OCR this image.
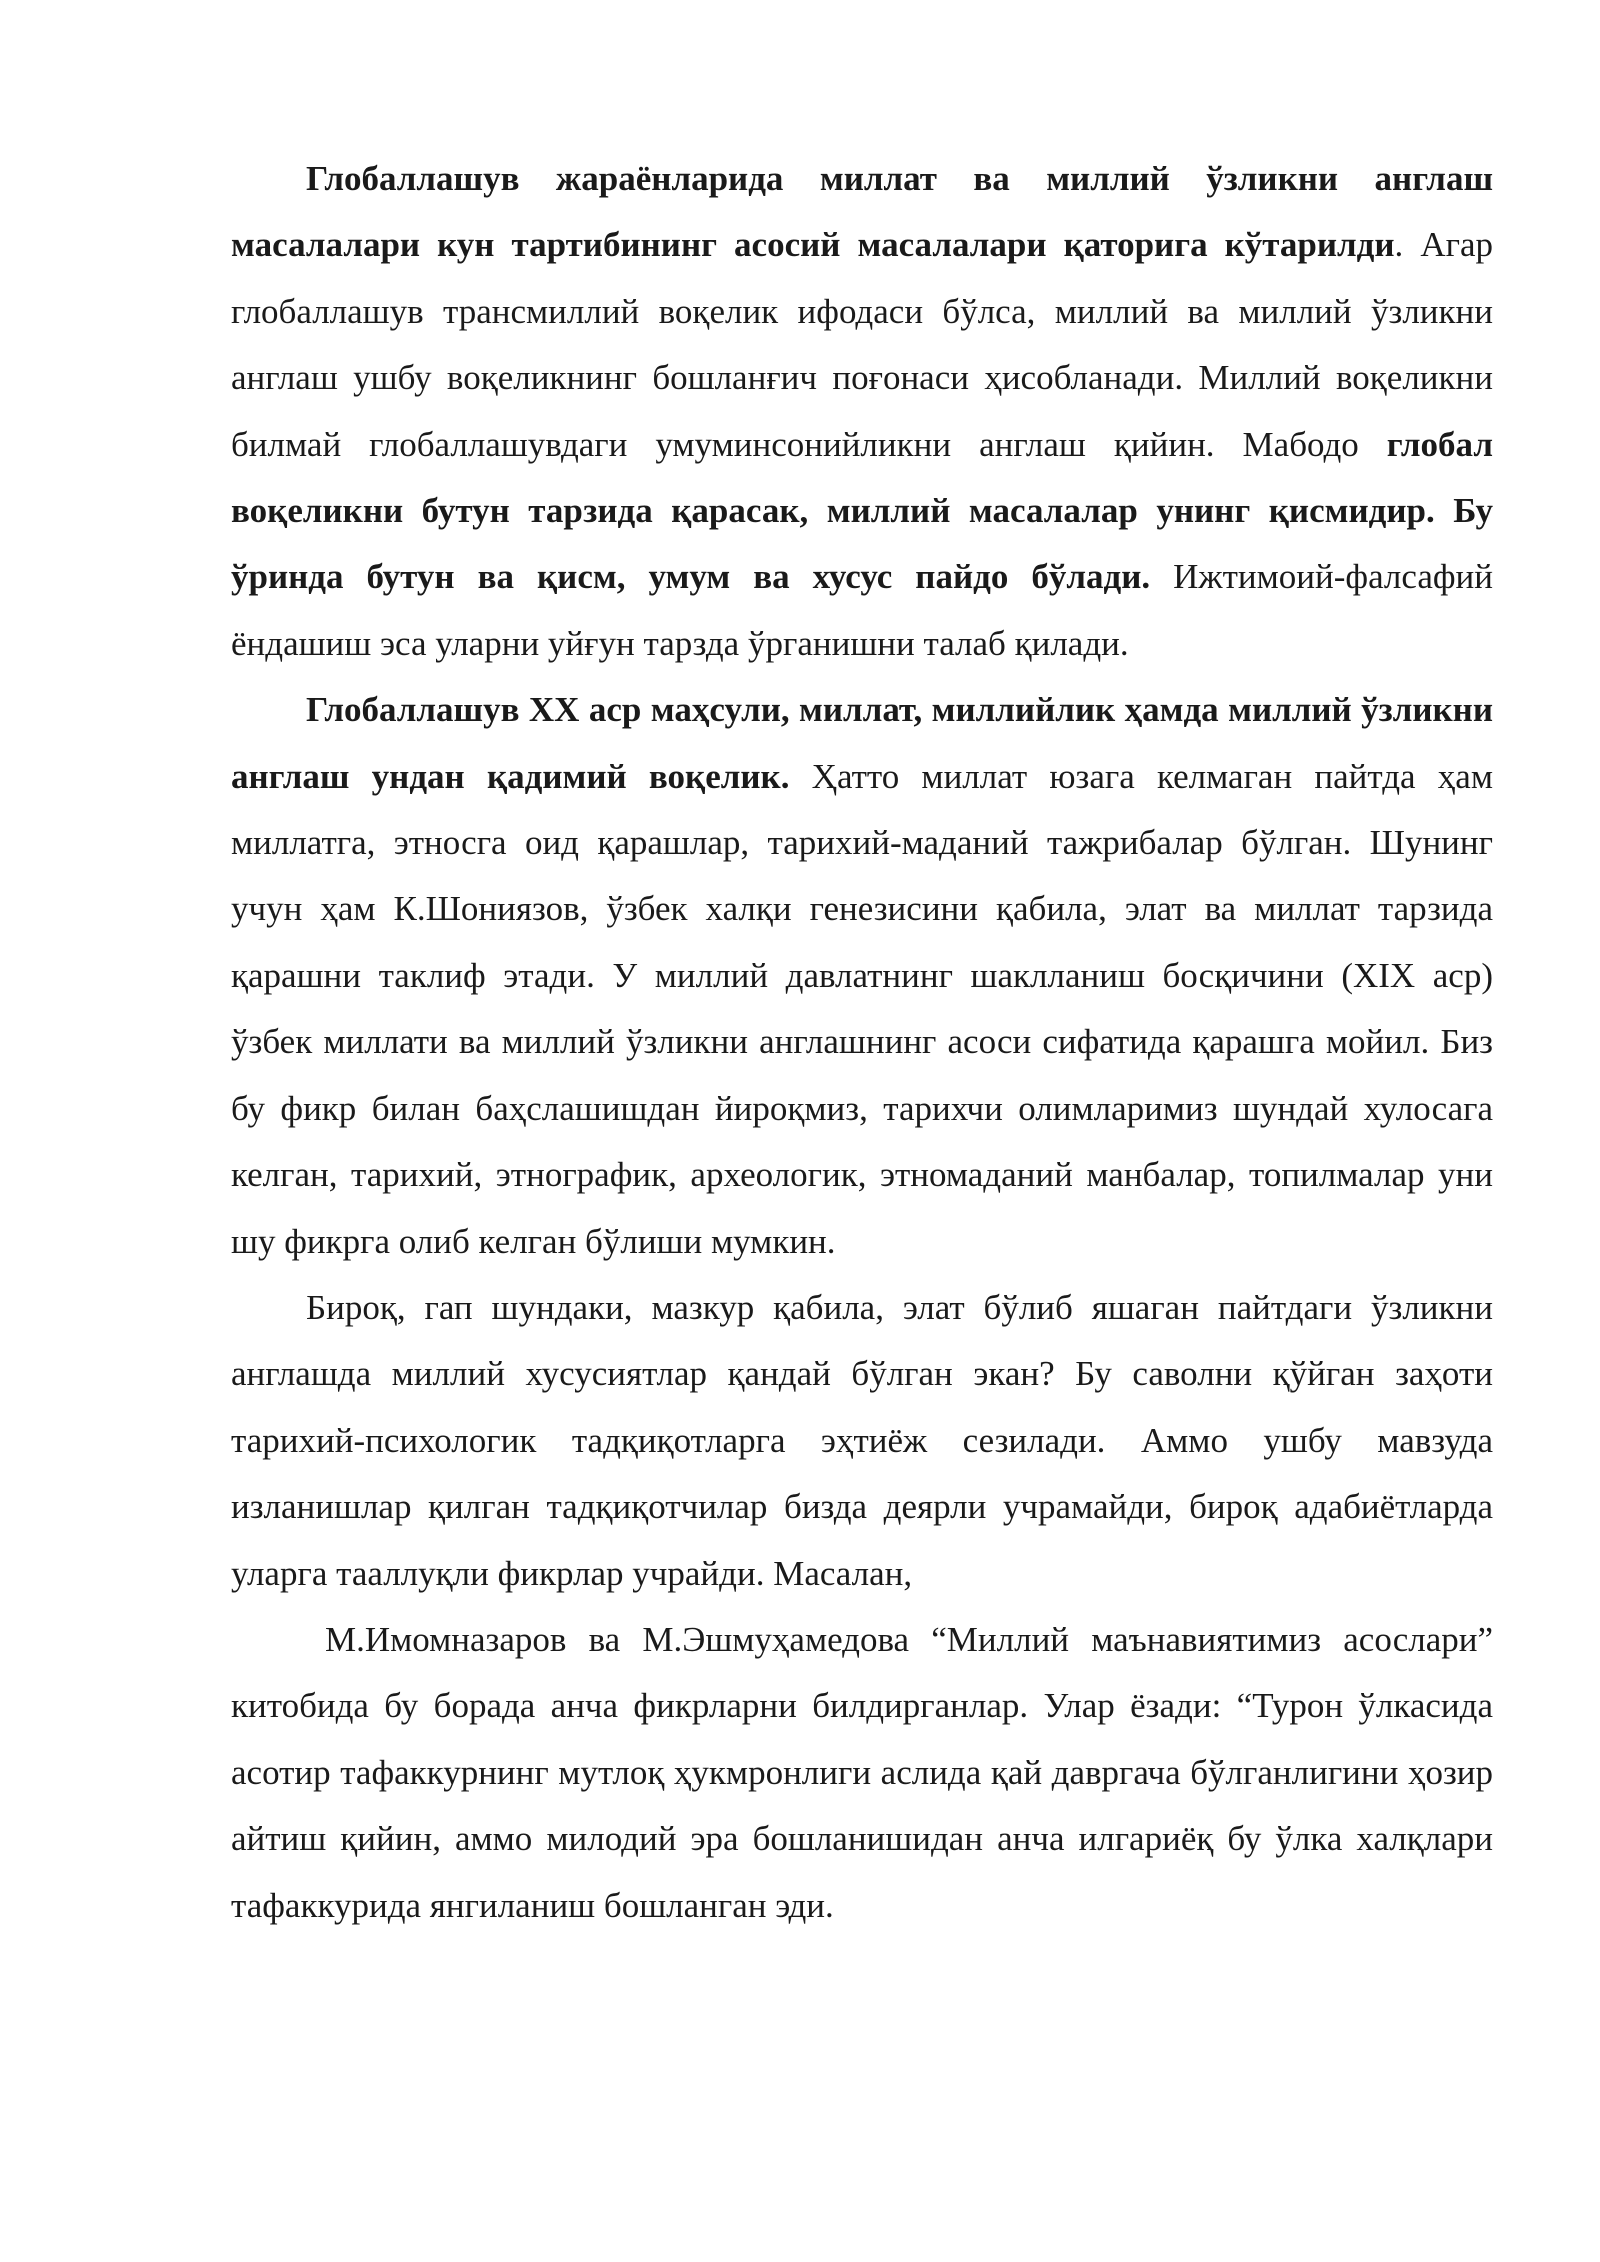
Глобаллашув жараёнларида миллат ва миллий ўзликни англаш масалалари кун тартибининг асосий масалалари қаторига кўтарилди. Агар глобаллашув трансмиллий воқелик ифодаси бўлса, миллий ва миллий ўзликни англаш ушбу воқеликнинг бошланғич поғонаси ҳисобланади. Миллий воқеликни билмай глобаллашувдаги умуминсонийликни англаш қийин. Мабодо глобал воқеликни бутун тарзида қарасак, миллий масалалар унинг қисмидир. Бу ўринда бутун ва қисм, умум ва хусус пайдо бўлади. Ижтимоий-фалсафий ёндашиш эса уларни уйғун тарзда ўрганишни талаб қилади.

Глобаллашув XX аср маҳсули, миллат, миллийлик ҳамда миллий ўзликни англаш ундан қадимий воқелик. Ҳатто миллат юзага келмаган пайтда ҳам миллатга, этносга оид қарашлар, тарихий-маданий тажрибалар бўлган. Шунинг учун ҳам К.Шониязов, ўзбек халқи генезисини қабила, элат ва миллат тарзида қарашни таклиф этади. У миллий давлатнинг шаклланиш босқичини (XIX аср) ўзбек миллати ва миллий ўзликни англашнинг асоси сифатида қарашга мойил. Биз бу фикр билан баҳслашишдан йироқмиз, тарихчи олимларимиз шундай хулосага келган, тарихий, этнографик, археологик, этномаданий манбалар, топилмалар уни шу фикрга олиб келган бўлиши мумкин.

Бироқ, гап шундаки, мазкур қабила, элат бўлиб яшаган пайтдаги ўзликни англашда миллий хусусиятлар қандай бўлган экан? Бу саволни қўйган заҳоти тарихий-психологик тадқиқотларга эҳтиёж сезилади. Аммо ушбу мавзуда изланишлар қилган тадқиқотчилар бизда деярли учрамайди, бироқ адабиётларда уларга тааллуқли фикрлар учрайди. Масалан,

М.Имомназаров ва М.Эшмуҳамедова “Миллий маънавиятимиз асослари” китобида бу борада анча фикрларни билдирганлар. Улар ёзади: “Турон ўлкасида асотир тафаккурнинг мутлоқ ҳукмронлиги аслида қай давргача бўлганлигини ҳозир айтиш қийин, аммо милодий эра бошланишидан анча илгариёқ бу ўлка халқлари тафаккурида янгиланиш бошланган эди.
